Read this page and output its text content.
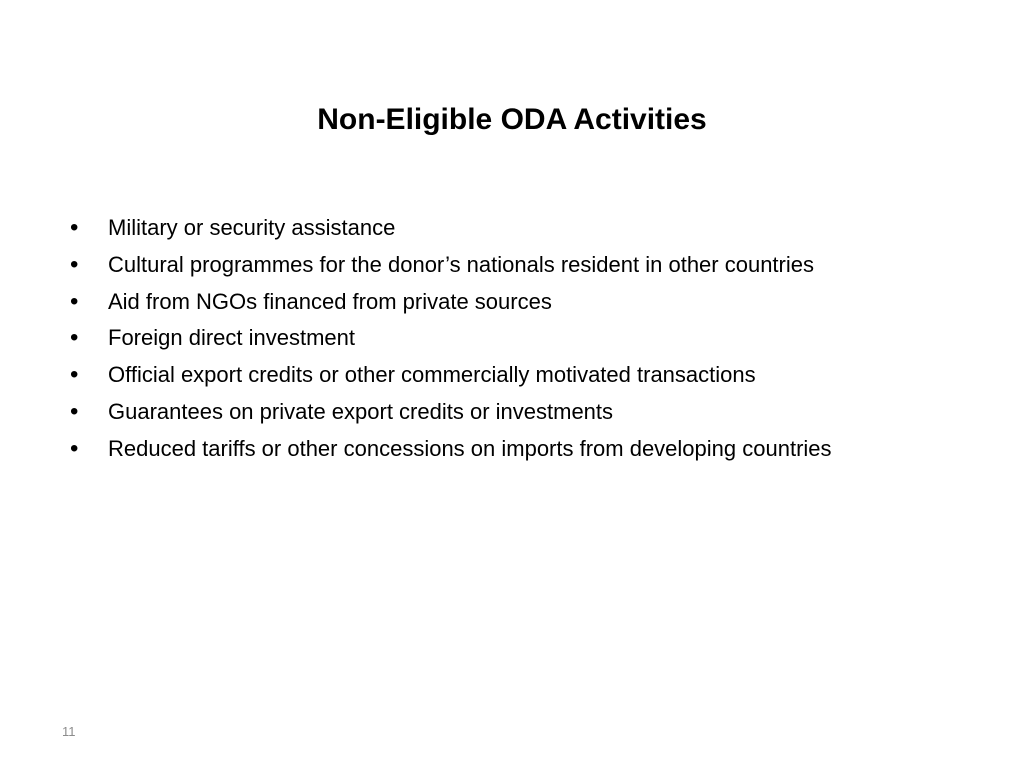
Non-Eligible ODA Activities
•	Military or security assistance
•	Cultural programmes for the donor’s nationals resident in other countries
•	Aid from NGOs financed from private sources
•	Foreign direct investment
•	Official export credits or other commercially motivated transactions
•	Guarantees on private export credits or investments
•	Reduced tariffs or other concessions on imports from developing countries
11
